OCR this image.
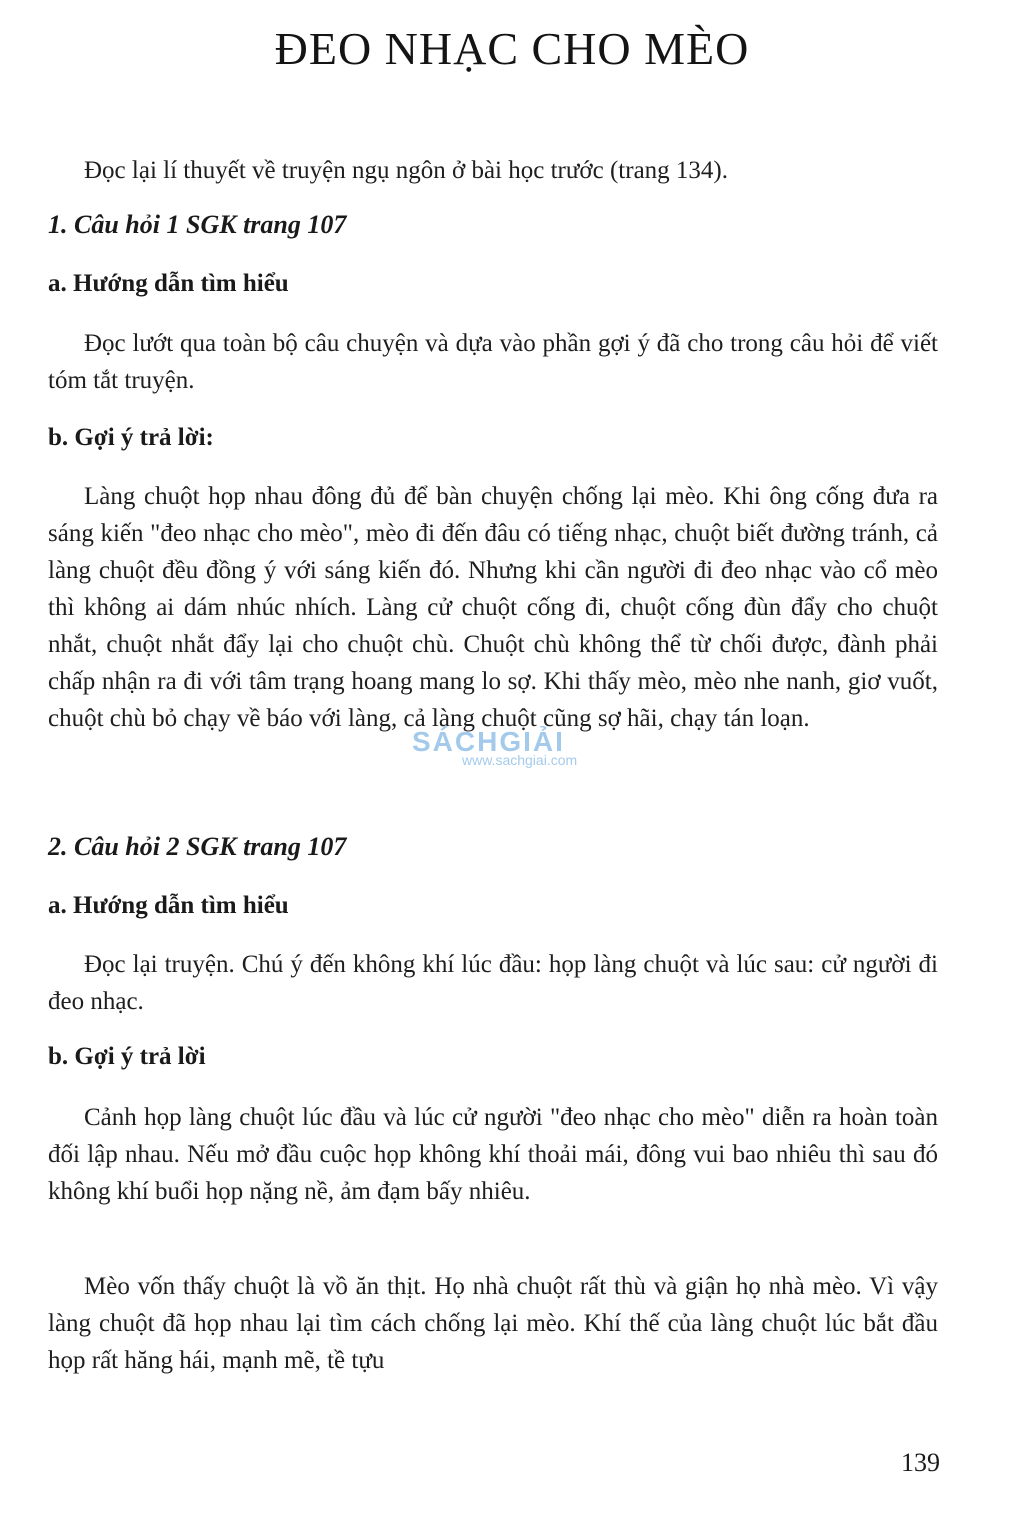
ĐEO NHẠC CHO MÈO

Đọc lại lí thuyết về truyện ngụ ngôn ở bài học trước (trang 134).

1. Câu hỏi 1 SGK trang 107
a. Hướng dẫn tìm hiểu

Đọc lướt qua toàn bộ câu chuyện và dựa vào phần gợi ý đã cho trong câu hỏi để viết tóm tắt truyện.

b. Gợi ý trả lời:

Làng chuột họp nhau đông đủ để bàn chuyện chống lại mèo. Khi ông cống đưa ra sáng kiến "đeo nhạc cho mèo", mèo đi đến đâu có tiếng nhạc, chuột biết đường tránh, cả làng chuột đều đồng ý với sáng kiến đó. Nhưng khi cần người đi đeo nhạc vào cổ mèo thì không ai dám nhúc nhích. Làng cử chuột cống đi, chuột cống đùn đẩy cho chuột nhắt, chuột nhắt đẩy lại cho chuột chù. Chuột chù không thể từ chối được, đành phải chấp nhận ra đi với tâm trạng hoang mang lo sợ. Khi thấy mèo, mèo nhe nanh, giơ vuốt, chuột chù bỏ chạy về báo với làng, cả làng chuột cũng sợ hãi, chạy tán loạn.

SÁCHGIẢI
www.sachgiai.com
2. Câu hỏi 2 SGK trang 107
a. Hướng dẫn tìm hiểu

Đọc lại truyện. Chú ý đến không khí lúc đầu: họp làng chuột và lúc sau: cử người đi đeo nhạc.

b. Gợi ý trả lời

Cảnh họp làng chuột lúc đầu và lúc cử người "đeo nhạc cho mèo" diễn ra hoàn toàn đối lập nhau. Nếu mở đầu cuộc họp không khí thoải mái, đông vui bao nhiêu thì sau đó không khí buổi họp nặng nề, ảm đạm bấy nhiêu.

Mèo vốn thấy chuột là vồ ăn thịt. Họ nhà chuột rất thù và giận họ nhà mèo. Vì vậy làng chuột đã họp nhau lại tìm cách chống lại mèo. Khí thế của làng chuột lúc bắt đầu họp rất hăng hái, mạnh mẽ, tề tựu

139
